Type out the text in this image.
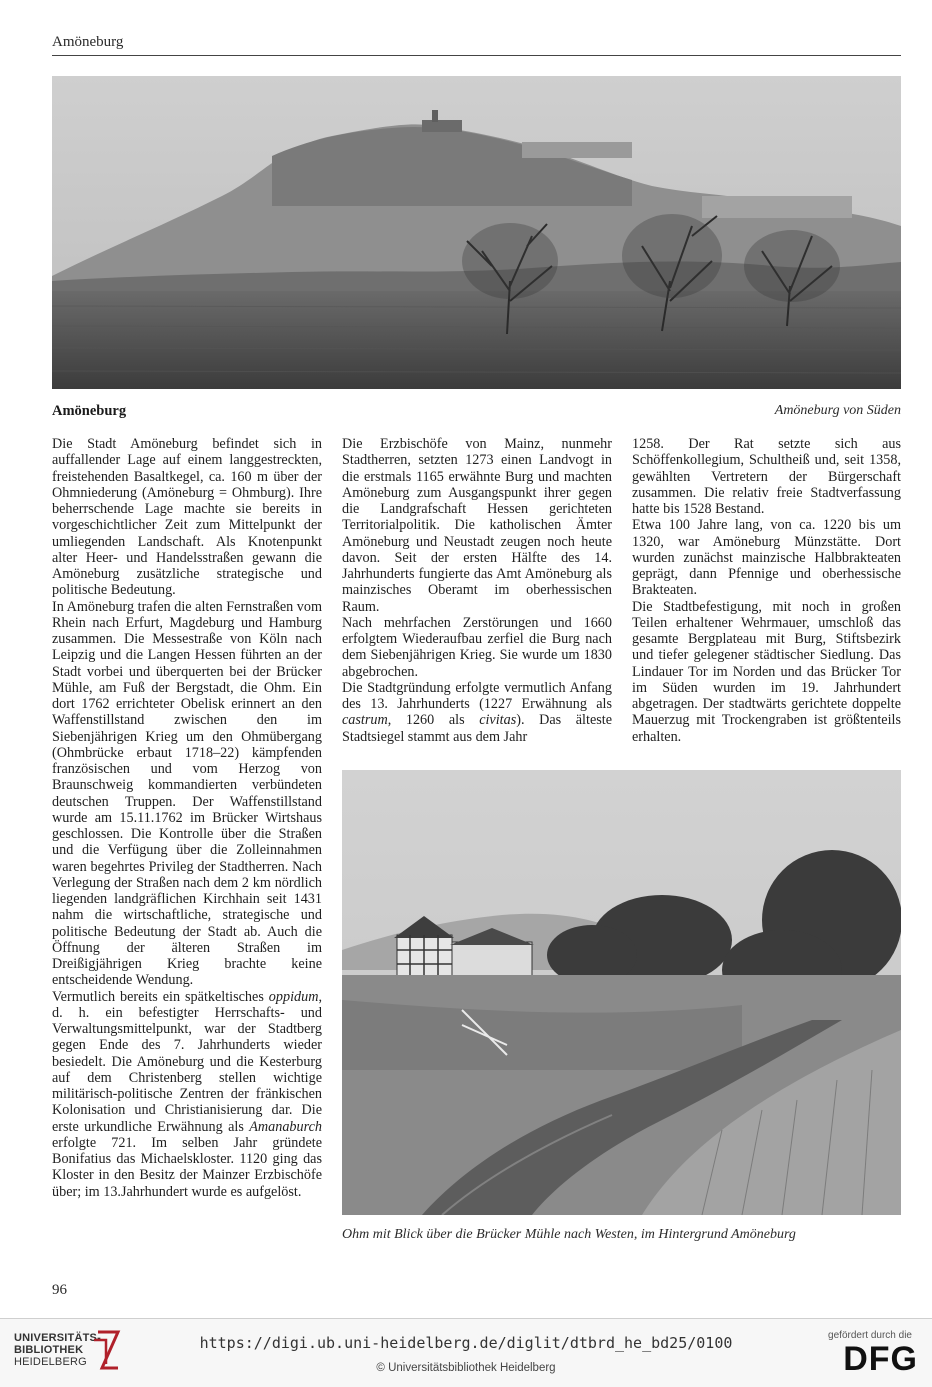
Amöneburg
Amöneburg	Amöneburg von Süden

Die Stadt Amöneburg befindet sich in auffallender Lage auf einem langgestreckten, freistehenden Basaltkegel, ca. 160 m über der Ohmniederung (Amöneburg = Ohmburg). Ihre beherrschende Lage machte sie bereits in vorgeschichtlicher Zeit zum Mittelpunkt der umliegenden Landschaft. Als Knotenpunkt alter Heer- und Handelsstraßen gewann die Amöneburg zusätzliche strategische und politische Bedeutung.

In Amöneburg trafen die alten Fernstraßen vom Rhein nach Erfurt, Magdeburg und Hamburg zusammen. Die Messestraße von Köln nach Leipzig und die Langen Hessen führten an der Stadt vorbei und überquerten bei der Brücker Mühle, am Fuß der Bergstadt, die Ohm. Ein dort 1762 errichteter Obelisk erinnert an den Waffenstillstand zwischen den im Siebenjährigen Krieg um den Ohmübergang (Ohmbrücke erbaut 1718–22) kämpfenden französischen und vom Herzog von Braunschweig kommandierten verbündeten deutschen Truppen. Der Waffenstillstand wurde am 15.11.1762 im Brücker Wirtshaus geschlossen. Die Kontrolle über die Straßen und die Verfügung über die Zolleinnahmen waren begehrtes Privileg der Stadtherren. Nach Verlegung der Straßen nach dem 2 km nördlich liegenden landgräflichen Kirchhain seit 1431 nahm die wirtschaftliche, strategische und politische Bedeutung der Stadt ab. Auch die Öffnung der älteren Straßen im Dreißigjährigen Krieg brachte keine entscheidende Wendung.

Vermutlich bereits ein spätkeltisches oppidum, d. h. ein befestigter Herrschafts- und Verwaltungsmittelpunkt, war der Stadtberg gegen Ende des 7. Jahrhunderts wieder besiedelt. Die Amöneburg und die Kesterburg auf dem Christenberg stellen wichtige militärisch-politische Zentren der fränkischen Kolonisation und Christianisierung dar. Die erste urkundliche Erwähnung als Amanaburch erfolgte 721. Im selben Jahr gründete Bonifatius das Michaelskloster. 1120 ging das Kloster in den Besitz der Mainzer Erzbischöfe über; im 13.Jahrhundert wurde es aufgelöst.

Die Erzbischöfe von Mainz, nunmehr Stadtherren, setzten 1273 einen Landvogt in die erstmals 1165 erwähnte Burg und machten Amöneburg zum Ausgangspunkt ihrer gegen die Landgrafschaft Hessen gerichteten Territorialpolitik. Die katholischen Ämter Amöneburg und Neustadt zeugen noch heute davon. Seit der ersten Hälfte des 14. Jahrhunderts fungierte das Amt Amöneburg als mainzisches Oberamt im oberhessischen Raum.

Nach mehrfachen Zerstörungen und 1660 erfolgtem Wiederaufbau zerfiel die Burg nach dem Siebenjährigen Krieg. Sie wurde um 1830 abgebrochen.

Die Stadtgründung erfolgte vermutlich Anfang des 13. Jahrhunderts (1227 Erwähnung als castrum, 1260 als civitas). Das älteste Stadtsiegel stammt aus dem Jahr

1258. Der Rat setzte sich aus Schöffenkollegium, Schultheiß und, seit 1358, gewählten Vertretern der Bürgerschaft zusammen. Die relativ freie Stadtverfassung hatte bis 1528 Bestand.

Etwa 100 Jahre lang, von ca. 1220 bis um 1320, war Amöneburg Münzstätte. Dort wurden zunächst mainzische Halbbrakteaten geprägt, dann Pfennige und oberhessische Brakteaten.

Die Stadtbefestigung, mit noch in großen Teilen erhaltener Wehrmauer, umschloß das gesamte Bergplateau mit Burg, Stiftsbezirk und tiefer gelegener städtischer Siedlung. Das Lindauer Tor im Norden und das Brücker Tor im Süden wurden im 19. Jahrhundert abgetragen. Der stadtwärts gerichtete doppelte Mauerzug mit Trockengraben ist größtenteils erhalten.

Ohm mit Blick über die Brücker Mühle nach Westen, im Hintergrund Amöneburg
96
UNIVERSITÄTS-
BIBLIOTHEK
HEIDELBERG
https://digi.ub.uni-heidelberg.de/diglit/dtbrd_he_bd25/0100
© Universitätsbibliothek Heidelberg
gefördert durch die
DFG
